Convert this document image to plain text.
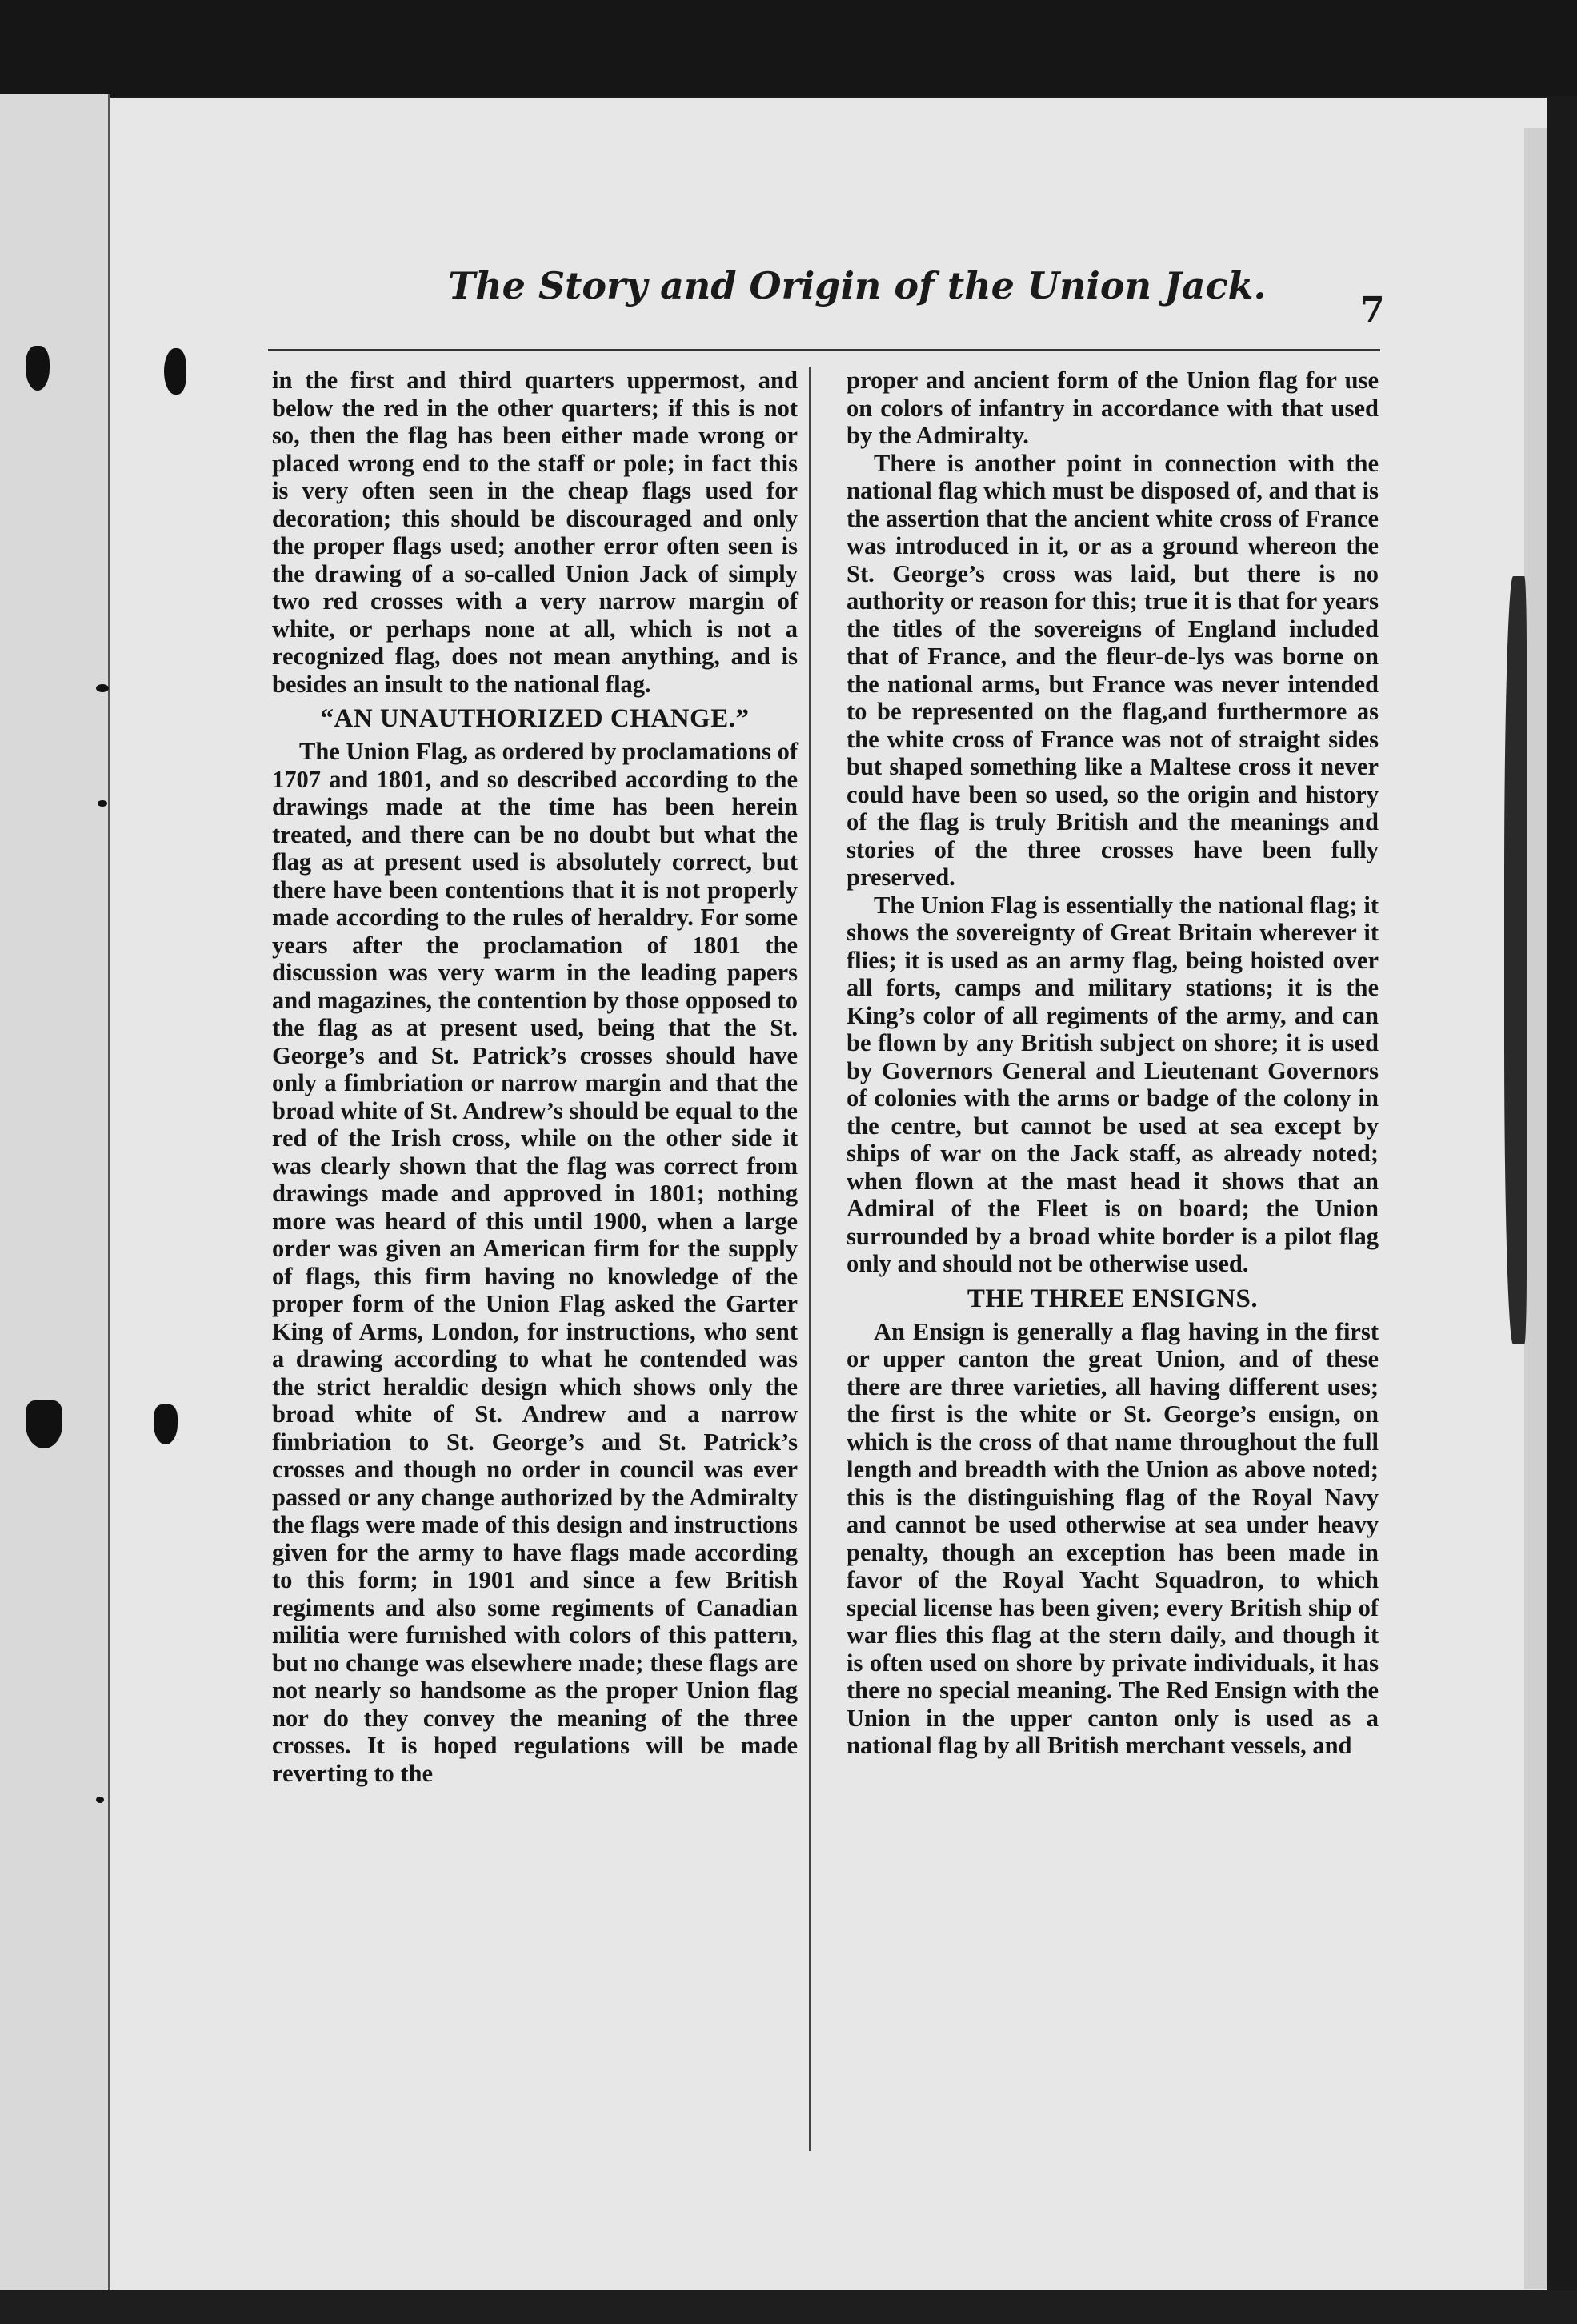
The Story and Origin of the Union Jack.
7

in the first and third quarters uppermost, and below the red in the other quarters; if this is not so, then the flag has been either made wrong or placed wrong end to the staff or pole; in fact this is very often seen in the cheap flags used for decoration; this should be discouraged and only the proper flags used; another error often seen is the drawing of a so-called Union Jack of simply two red crosses with a very narrow margin of white, or perhaps none at all, which is not a recognized flag, does not mean anything, and is besides an insult to the national flag.

“AN UNAUTHORIZED CHANGE.”

The Union Flag, as ordered by proclamations of 1707 and 1801, and so described according to the drawings made at the time has been herein treated, and there can be no doubt but what the flag as at present used is absolutely correct, but there have been contentions that it is not properly made according to the rules of heraldry. For some years after the proclamation of 1801 the discussion was very warm in the leading papers and magazines, the contention by those opposed to the flag as at present used, being that the St. George’s and St. Patrick’s crosses should have only a fimbriation or narrow margin and that the broad white of St. Andrew’s should be equal to the red of the Irish cross, while on the other side it was clearly shown that the flag was correct from drawings made and approved in 1801; nothing more was heard of this until 1900, when a large order was given an American firm for the supply of flags, this firm having no knowledge of the proper form of the Union Flag asked the Garter King of Arms, London, for instructions, who sent a drawing according to what he contended was the strict heraldic design which shows only the broad white of St. Andrew and a narrow fimbriation to St. George’s and St. Patrick’s crosses and though no order in council was ever passed or any change authorized by the Admiralty the flags were made of this design and instructions given for the army to have flags made according to this form; in 1901 and since a few British regiments and also some regiments of Canadian militia were furnished with colors of this pattern, but no change was elsewhere made; these flags are not nearly so handsome as the proper Union flag nor do they convey the meaning of the three crosses. It is hoped regulations will be made reverting to the

proper and ancient form of the Union flag for use on colors of infantry in accordance with that used by the Admiralty.

There is another point in connection with the national flag which must be disposed of, and that is the assertion that the ancient white cross of France was introduced in it, or as a ground whereon the St. George’s cross was laid, but there is no authority or reason for this; true it is that for years the titles of the sovereigns of England included that of France, and the fleur-de-lys was borne on the national arms, but France was never intended to be represented on the flag,and furthermore as the white cross of France was not of straight sides but shaped something like a Maltese cross it never could have been so used, so the origin and history of the flag is truly British and the meanings and stories of the three crosses have been fully preserved.

The Union Flag is essentially the national flag; it shows the sovereignty of Great Britain wherever it flies; it is used as an army flag, being hoisted over all forts, camps and military stations; it is the King’s color of all regiments of the army, and can be flown by any British subject on shore; it is used by Governors General and Lieutenant Governors of colonies with the arms or badge of the colony in the centre, but cannot be used at sea except by ships of war on the Jack staff, as already noted; when flown at the mast head it shows that an Admiral of the Fleet is on board; the Union surrounded by a broad white border is a pilot flag only and should not be otherwise used.

THE THREE ENSIGNS.

An Ensign is generally a flag having in the first or upper canton the great Union, and of these there are three varieties, all having different uses; the first is the white or St. George’s ensign, on which is the cross of that name throughout the full length and breadth with the Union as above noted; this is the distinguishing flag of the Royal Navy and cannot be used otherwise at sea under heavy penalty, though an exception has been made in favor of the Royal Yacht Squadron, to which special license has been given; every British ship of war flies this flag at the stern daily, and though it is often used on shore by private individuals, it has there no special meaning. The Red Ensign with the Union in the upper canton only is used as a national flag by all British merchant vessels, and
